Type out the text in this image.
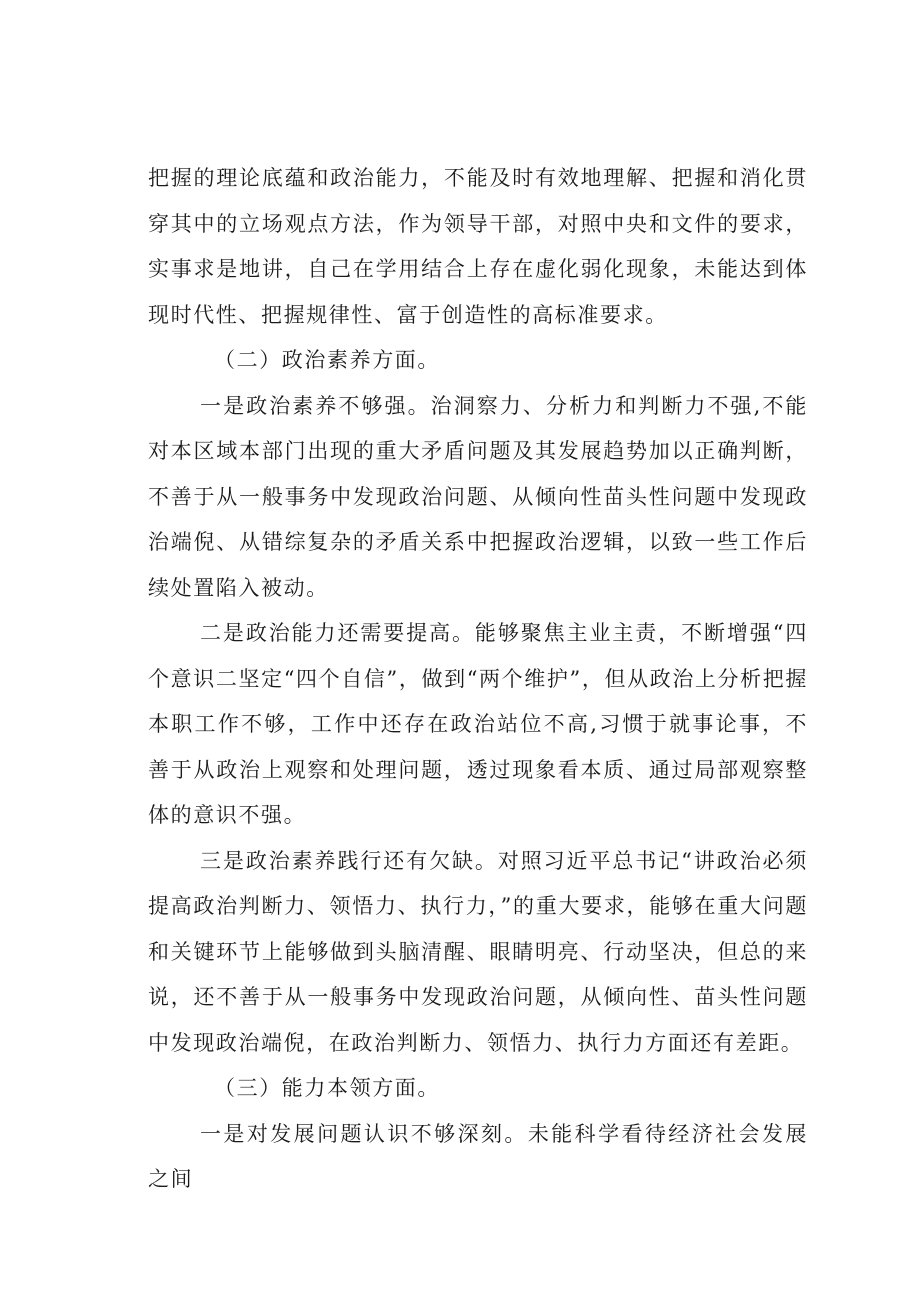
把握的理论底蕴和政治能力，不能及时有效地理解、把握和消化贯穿其中的立场观点方法，作为领导干部，对照中央和文件的要求，实事求是地讲，自己在学用结合上存在虚化弱化现象，未能达到体现时代性、把握规律性、富于创造性的高标准要求。

（二）政治素养方面。

一是政治素养不够强。治洞察力、分析力和判断力不强,不能对本区域本部门出现的重大矛盾问题及其发展趋势加以正确判断，不善于从一般事务中发现政治问题、从倾向性苗头性问题中发现政治端倪、从错综复杂的矛盾关系中把握政治逻辑，以致一些工作后续处置陷入被动。

二是政治能力还需要提高。能够聚焦主业主责，不断增强“四个意识二坚定“四个自信”，做到“两个维护”，但从政治上分析把握本职工作不够，工作中还存在政治站位不高,习惯于就事论事，不善于从政治上观察和处理问题，透过现象看本质、通过局部观察整体的意识不强。

三是政治素养践行还有欠缺。对照习近平总书记“讲政治必须提高政治判断力、领悟力、执行力，”的重大要求，能够在重大问题和关键环节上能够做到头脑清醒、眼睛明亮、行动坚决，但总的来说，还不善于从一般事务中发现政治问题，从倾向性、苗头性问题中发现政治端倪，在政治判断力、领悟力、执行力方面还有差距。

（三）能力本领方面。

一是对发展问题认识不够深刻。未能科学看待经济社会发展之间
